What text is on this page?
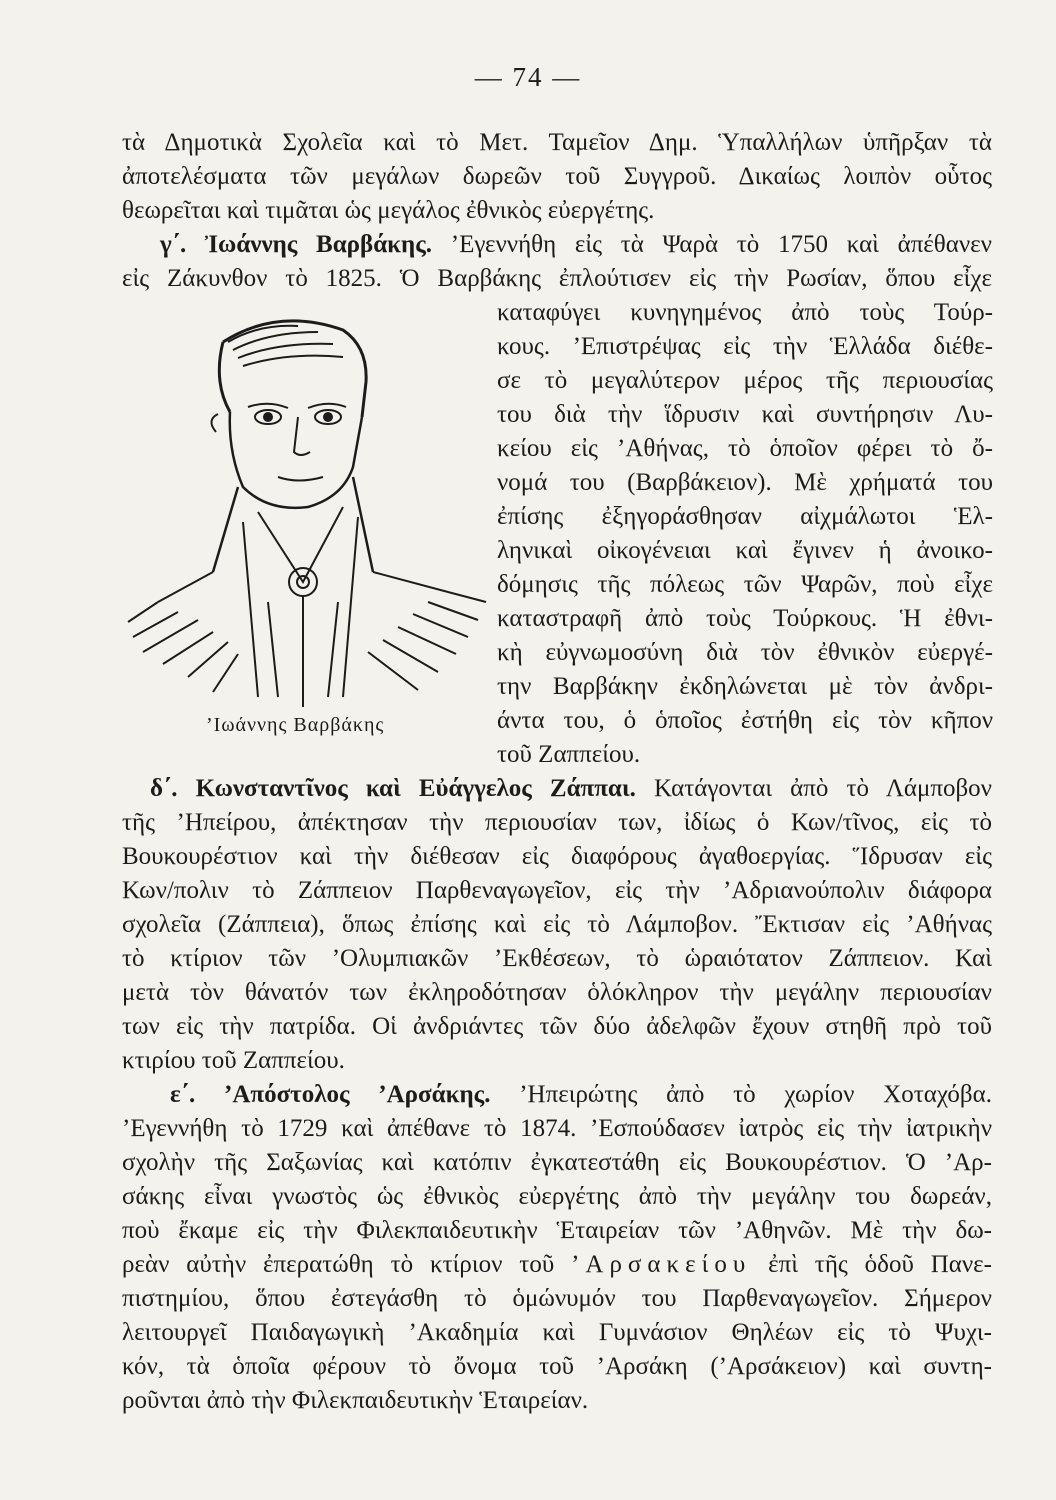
— 74 —
τὰ Δημοτικὰ Σχολεῖα καὶ τὸ Μετ. Ταμεῖον Δημ. Ὑπαλλήλων ὑπῆρξαν τὰ
ἀποτελέσματα τῶν μεγάλων δωρεῶν τοῦ Συγγροῦ. Δικαίως λοιπὸν οὗτος
θεωρεῖται καὶ τιμᾶται ὡς μεγάλος ἐθνικὸς εὐεργέτης.
γ΄. Ἰωάννης Βαρβάκης. ’Εγεννήθη εἰς τὰ Ψαρὰ τὸ 1750 καὶ ἀπέθανεν
εἰς Ζάκυνθον τὸ 1825. Ὁ Βαρβάκης ἐπλούτισεν εἰς τὴν Ρωσίαν, ὅπου εἶχε
’Ιωάννης Βαρβάκης
καταφύγει κυνηγημένος ἀπὸ τοὺς Τούρ-
κους. ’Επιστρέψας εἰς τὴν Ἑλλάδα διέθε-
σε τὸ μεγαλύτερον μέρος τῆς περιουσίας
του διὰ τὴν ἵδρυσιν καὶ συντήρησιν Λυ-
κείου εἰς ’Αθήνας, τὸ ὁποῖον φέρει τὸ ὄ-
νομά του (Βαρβάκειον). Μὲ χρήματά του
ἐπίσης ἐξηγοράσθησαν αἰχμάλωτοι Ἑλ-
ληνικαὶ οἰκογένειαι καὶ ἔγινεν ἡ ἀνοικο-
δόμησις τῆς πόλεως τῶν Ψαρῶν, ποὺ εἶχε
καταστραφῆ ἀπὸ τοὺς Τούρκους. Ἡ ἐθνι-
κὴ εὐγνωμοσύνη διὰ τὸν ἐθνικὸν εὐεργέ-
την Βαρβάκην ἐκδηλώνεται μὲ τὸν ἀνδρι-
άντα του, ὁ ὁποῖος ἐστήθη εἰς τὸν κῆπον
τοῦ Ζαππείου.
δ΄. Κωνσταντῖνος καὶ Εὐάγγελος Ζάππαι. Κατάγονται ἀπὸ τὸ Λάμποβον
τῆς ’Ηπείρου, ἀπέκτησαν τὴν περιουσίαν των, ἰδίως ὁ Κων/τῖνος, εἰς τὸ
Βουκουρέστιον καὶ τὴν διέθεσαν εἰς διαφόρους ἀγαθοεργίας. Ἵδρυσαν εἰς
Κων/πολιν τὸ Ζάππειον Παρθεναγωγεῖον, εἰς τὴν ’Αδριανούπολιν διάφορα
σχολεῖα (Ζάππεια), ὅπως ἐπίσης καὶ εἰς τὸ Λάμποβον. Ἔκτισαν εἰς ’Αθήνας
τὸ κτίριον τῶν ’Ολυμπιακῶν ’Εκθέσεων, τὸ ὡραιότατον Ζάππειον. Καὶ
μετὰ τὸν θάνατόν των ἐκληροδότησαν ὁλόκληρον τὴν μεγάλην περιουσίαν
των εἰς τὴν πατρίδα. Οἱ ἀνδριάντες τῶν δύο ἀδελφῶν ἔχουν στηθῆ πρὸ τοῦ
κτιρίου τοῦ Ζαππείου.
ε΄. ’Απόστολος ’Αρσάκης. ’Ηπειρώτης ἀπὸ τὸ χωρίον Χοταχόβα.
’Εγεννήθη τὸ 1729 καὶ ἀπέθανε τὸ 1874. ’Εσπούδασεν ἰατρὸς εἰς τὴν ἰατρικὴν
σχολὴν τῆς Σαξωνίας καὶ κατόπιν ἐγκατεστάθη εἰς Βουκουρέστιον. Ὁ ’Αρ-
σάκης εἶναι γνωστὸς ὡς ἐθνικὸς εὐεργέτης ἀπὸ τὴν μεγάλην του δωρεάν,
ποὺ ἔκαμε εἰς τὴν Φιλεκπαιδευτικὴν Ἑταιρείαν τῶν ’Αθηνῶν. Μὲ τὴν δω-
ρεὰν αὐτὴν ἐπερατώθη τὸ κτίριον τοῦ ’Αρσακείου ἐπὶ τῆς ὁδοῦ Πανε-
πιστημίου, ὅπου ἐστεγάσθη τὸ ὁμώνυμόν του Παρθεναγωγεῖον. Σήμερον
λειτουργεῖ Παιδαγωγικὴ ’Ακαδημία καὶ Γυμνάσιον Θηλέων εἰς τὸ Ψυχι-
κόν, τὰ ὁποῖα φέρουν τὸ ὄνομα τοῦ ’Αρσάκη (’Αρσάκειον) καὶ συντη-
ροῦνται ἀπὸ τὴν Φιλεκπαιδευτικὴν Ἑταιρείαν.
